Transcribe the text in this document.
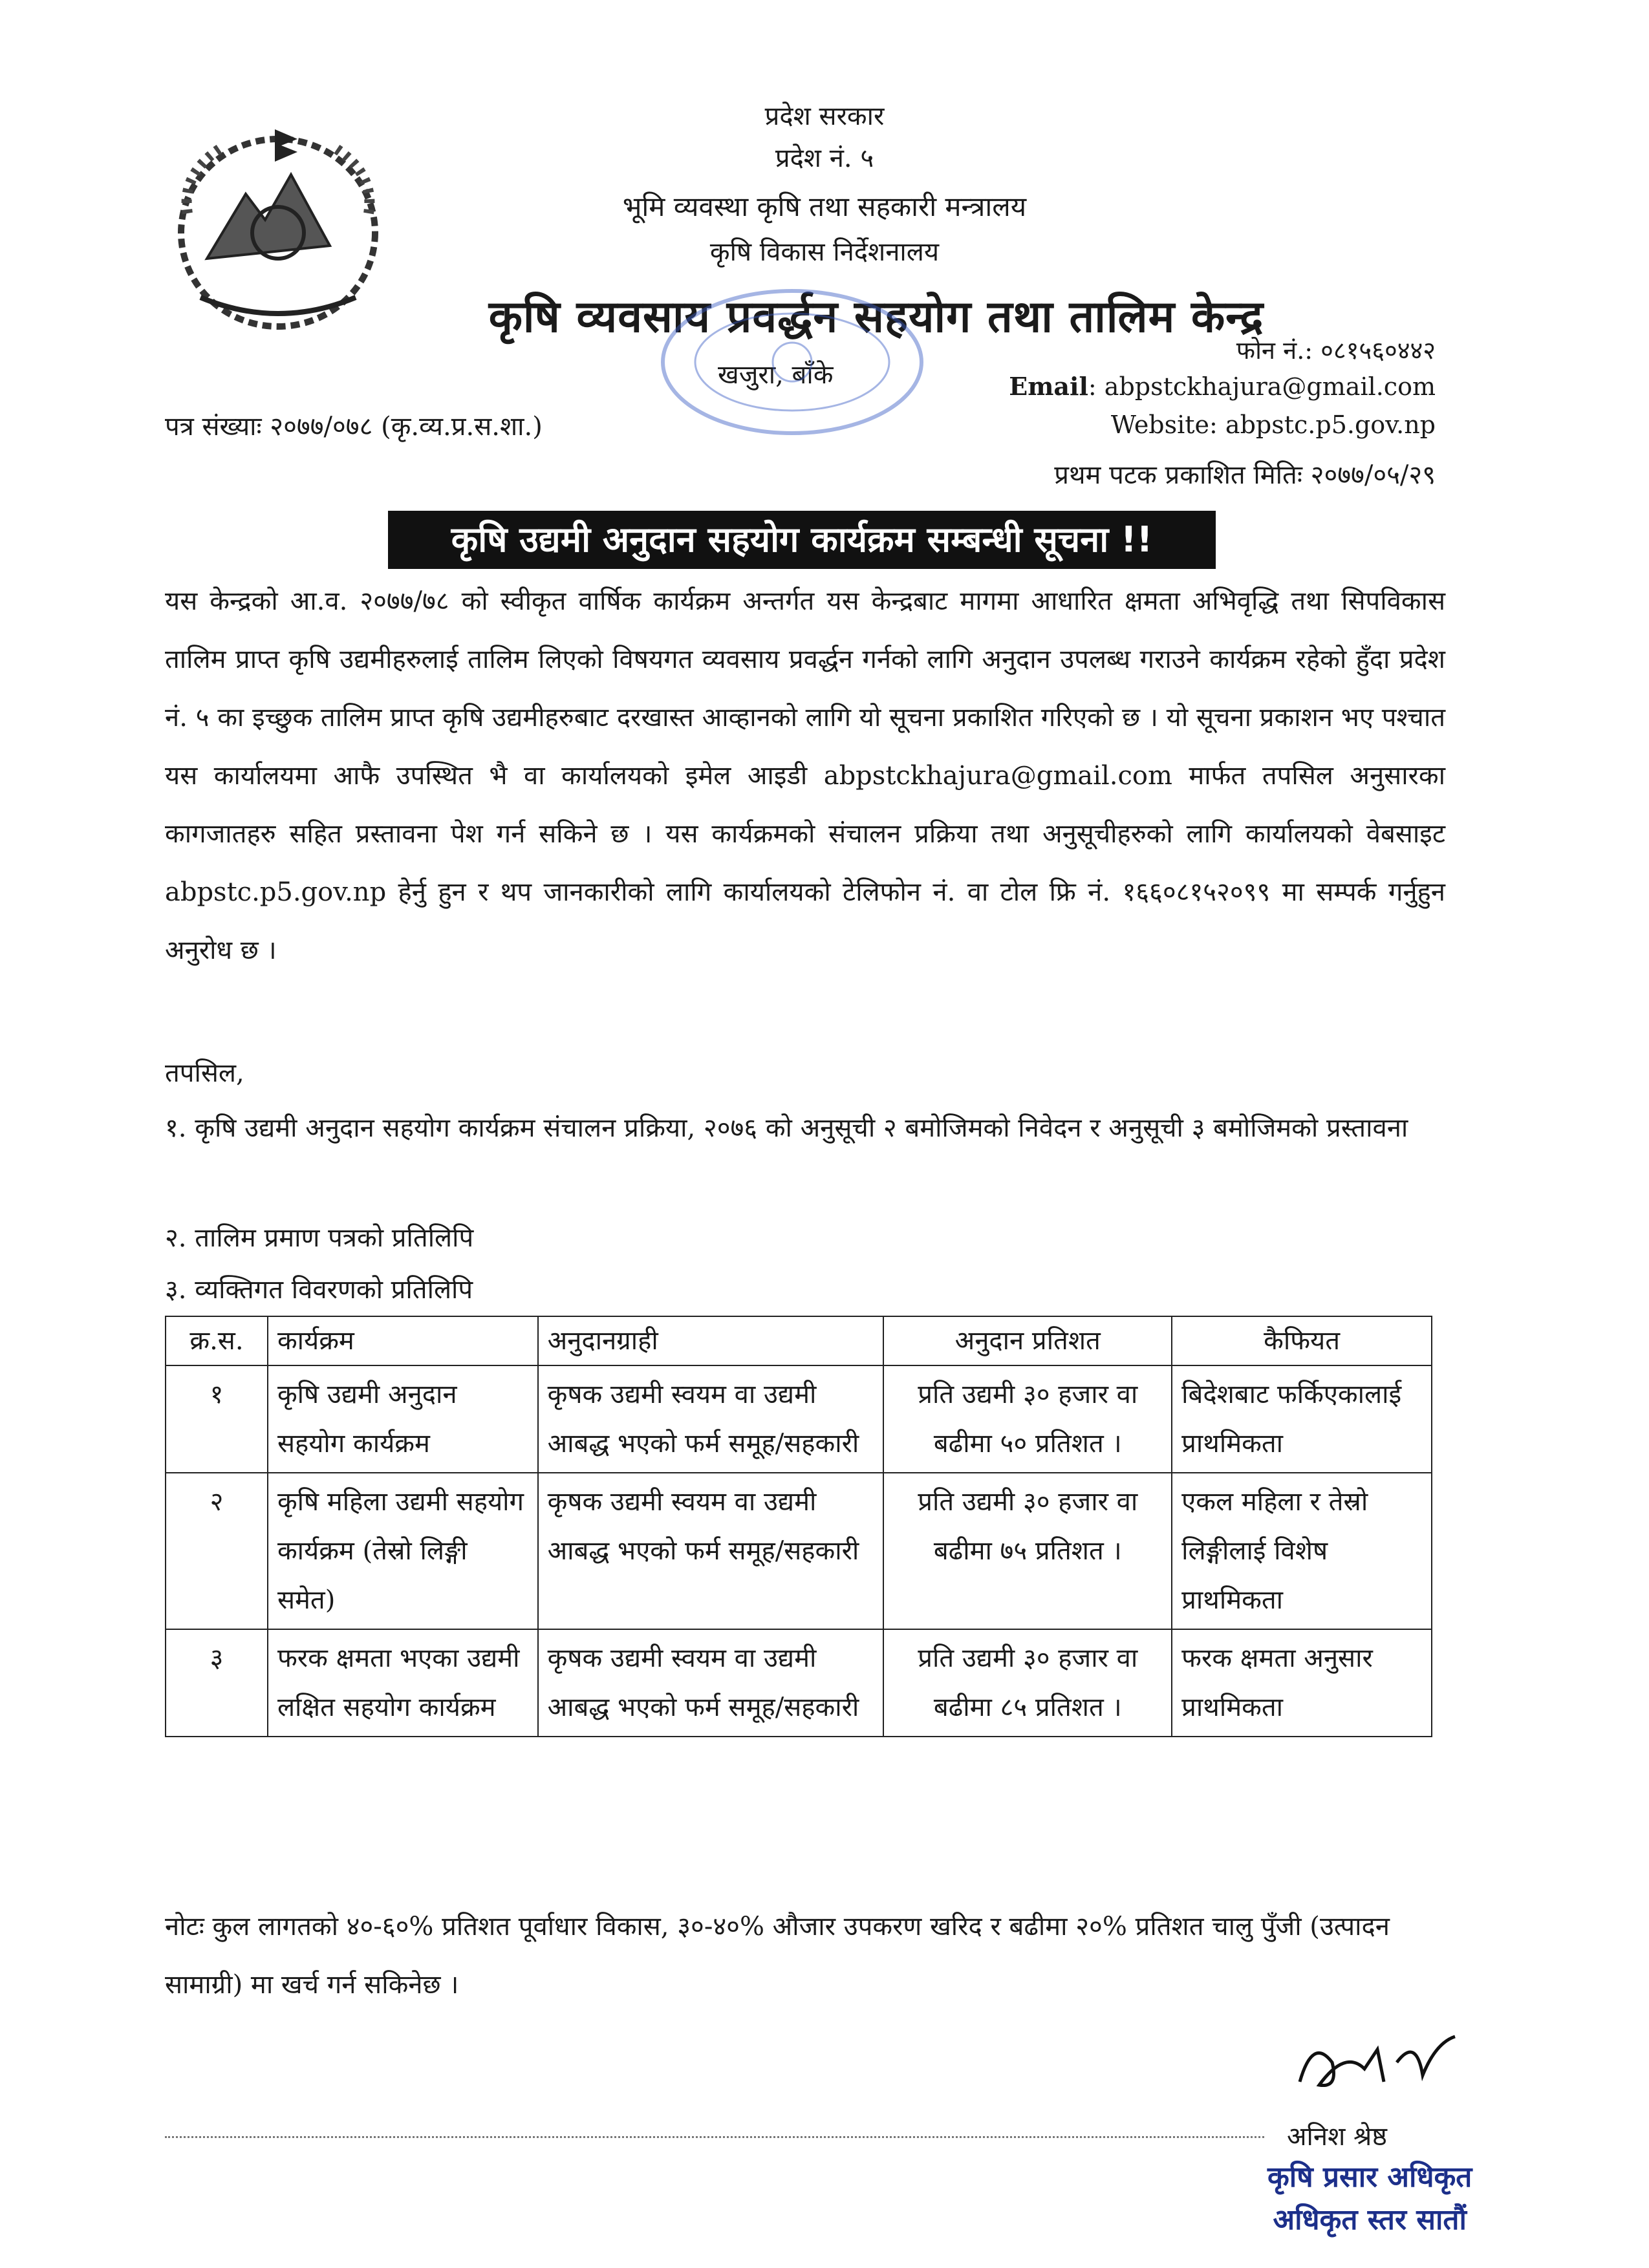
प्रदेश सरकार
प्रदेश नं. ५
भूमि व्यवस्था कृषि तथा सहकारी मन्त्रालय
कृषि विकास निर्देशनालय
कृषि व्यवसाय प्रवर्द्धन सहयोग तथा तालिम केन्द्र
खजुरा, बाँके
फोन नं.: ०८१५६०४४२
Email: abpstckhajura@gmail.com
Website: abpstc.p5.gov.np
पत्र संख्याः २०७७/०७८ (कृ.व्य.प्र.स.शा.)
प्रथम पटक प्रकाशित मितिः २०७७/०५/२९
कृषि उद्यमी अनुदान सहयोग कार्यक्रम सम्बन्धी सूचना !!

यस केन्द्रको आ.व. २०७७/७८ को स्वीकृत वार्षिक कार्यक्रम अन्तर्गत यस केन्द्रबाट मागमा आधारित क्षमता अभिवृद्धि तथा सिपविकास तालिम प्राप्त कृषि उद्यमीहरुलाई तालिम लिएको विषयगत व्यवसाय प्रवर्द्धन गर्नको लागि अनुदान उपलब्ध गराउने कार्यक्रम रहेको हुँदा प्रदेश नं. ५ का इच्छुक तालिम प्राप्त कृषि उद्यमीहरुबाट दरखास्त आव्हानको लागि यो सूचना प्रकाशित गरिएको छ । यो सूचना प्रकाशन भए पश्चात यस कार्यालयमा आफै उपस्थित भै वा कार्यालयको इमेल आइडी abpstckhajura@gmail.com मार्फत तपसिल अनुसारका कागजातहरु सहित प्रस्तावना पेश गर्न सकिने छ । यस कार्यक्रमको संचालन प्रक्रिया तथा अनुसूचीहरुको लागि कार्यालयको वेबसाइट abpstc.p5.gov.np हेर्नु हुन र थप जानकारीको लागि कार्यालयको टेलिफोन नं. वा टोल फ्रि नं. १६६०८१५२०९९ मा सम्पर्क गर्नुहुन अनुरोध छ ।

तपसिल,
१. कृषि उद्यमी अनुदान सहयोग कार्यक्रम संचालन प्रक्रिया, २०७६ को अनुसूची २ बमोजिमको निवेदन र अनुसूची ३ बमोजिमको प्रस्तावना
२. तालिम प्रमाण पत्रको प्रतिलिपि
३. व्यक्तिगत विवरणको प्रतिलिपि
क्र.स.	कार्यक्रम	अनुदानग्राही	अनुदान प्रतिशत	कैफियत
१	कृषि उद्यमी अनुदान सहयोग कार्यक्रम	कृषक उद्यमी स्वयम वा उद्यमी आबद्ध भएको फर्म समूह/सहकारी	प्रति उद्यमी ३० हजार वा बढीमा ५० प्रतिशत ।	बिदेशबाट फर्किएकालाई प्राथमिकता
२	कृषि महिला उद्यमी सहयोग कार्यक्रम (तेस्रो लिङ्गी समेत)	कृषक उद्यमी स्वयम वा उद्यमी आबद्ध भएको फर्म समूह/सहकारी	प्रति उद्यमी ३० हजार वा बढीमा ७५ प्रतिशत ।	एकल महिला र तेस्रो लिङ्गीलाई विशेष प्राथमिकता
३	फरक क्षमता भएका उद्यमी लक्षित सहयोग कार्यक्रम	कृषक उद्यमी स्वयम वा उद्यमी आबद्ध भएको फर्म समूह/सहकारी	प्रति उद्यमी ३० हजार वा बढीमा ८५ प्रतिशत ।	फरक क्षमता अनुसार प्राथमिकता
नोटः कुल लागतको ४०-६०% प्रतिशत पूर्वाधार विकास, ३०-४०% औजार उपकरण खरिद र बढीमा २०% प्रतिशत चालु पुँजी (उत्पादन सामाग्री) मा खर्च गर्न सकिनेछ ।
अनिश श्रेष्ठ
कृषि प्रसार अधिकृत
अधिकृत स्तर सातौं
